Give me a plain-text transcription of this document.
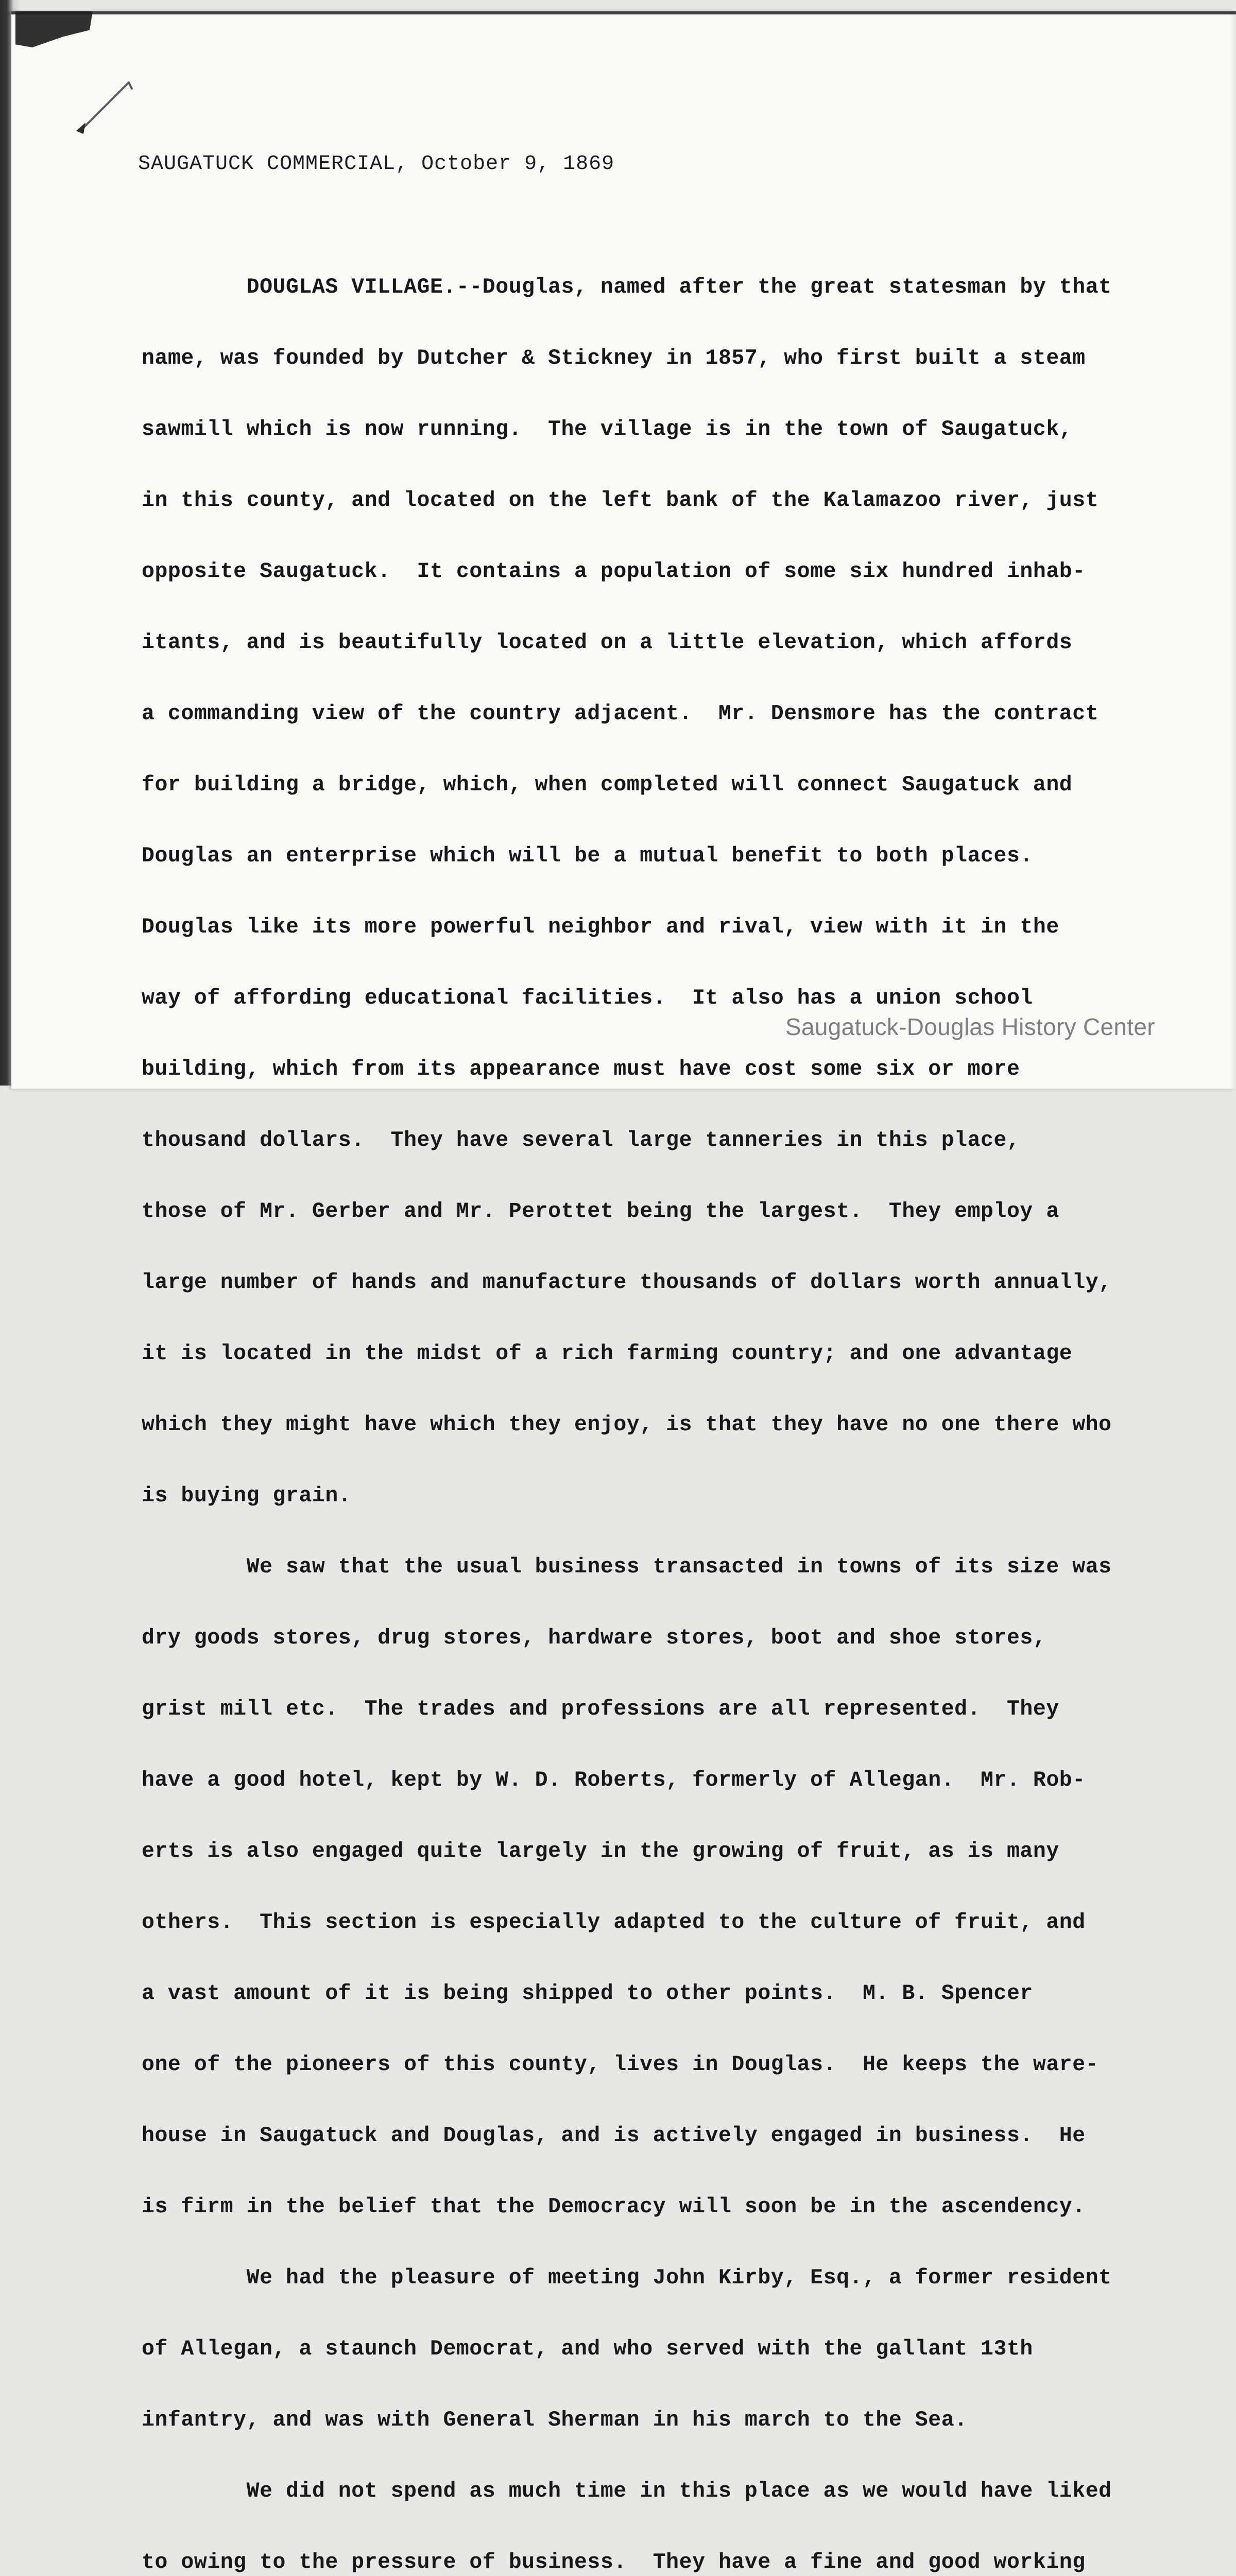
SAUGATUCK COMMERCIAL, October 9, 1869

DOUGLAS VILLAGE.--Douglas, named after the great statesman by that

name, was founded by Dutcher & Stickney in 1857, who first built a steam

sawmill which is now running.  The village is in the town of Saugatuck,

in this county, and located on the left bank of the Kalamazoo river, just

opposite Saugatuck.  It contains a population of some six hundred inhab-

itants, and is beautifully located on a little elevation, which affords

a commanding view of the country adjacent.  Mr. Densmore has the contract

for building a bridge, which, when completed will connect Saugatuck and

Douglas an enterprise which will be a mutual benefit to both places.

Douglas like its more powerful neighbor and rival, view with it in the

way of affording educational facilities.  It also has a union school

building, which from its appearance must have cost some six or more

thousand dollars.  They have several large tanneries in this place,

those of Mr. Gerber and Mr. Perottet being the largest.  They employ a

large number of hands and manufacture thousands of dollars worth annually,

it is located in the midst of a rich farming country; and one advantage

which they might have which they enjoy, is that they have no one there who

is buying grain.

We saw that the usual business transacted in towns of its size was

dry goods stores, drug stores, hardware stores, boot and shoe stores,

grist mill etc.  The trades and professions are all represented.  They

have a good hotel, kept by W. D. Roberts, formerly of Allegan.  Mr. Rob-

erts is also engaged quite largely in the growing of fruit, as is many

others.  This section is especially adapted to the culture of fruit, and

a vast amount of it is being shipped to other points.  M. B. Spencer

one of the pioneers of this county, lives in Douglas.  He keeps the ware-

house in Saugatuck and Douglas, and is actively engaged in business.  He

is firm in the belief that the Democracy will soon be in the ascendency.

We had the pleasure of meeting John Kirby, Esq., a former resident

of Allegan, a staunch Democrat, and who served with the gallant 13th

infantry, and was with General Sherman in his march to the Sea.

We did not spend as much time in this place as we would have liked

to owing to the pressure of business.  They have a fine and good working

Saugatuck-Douglas History Center
